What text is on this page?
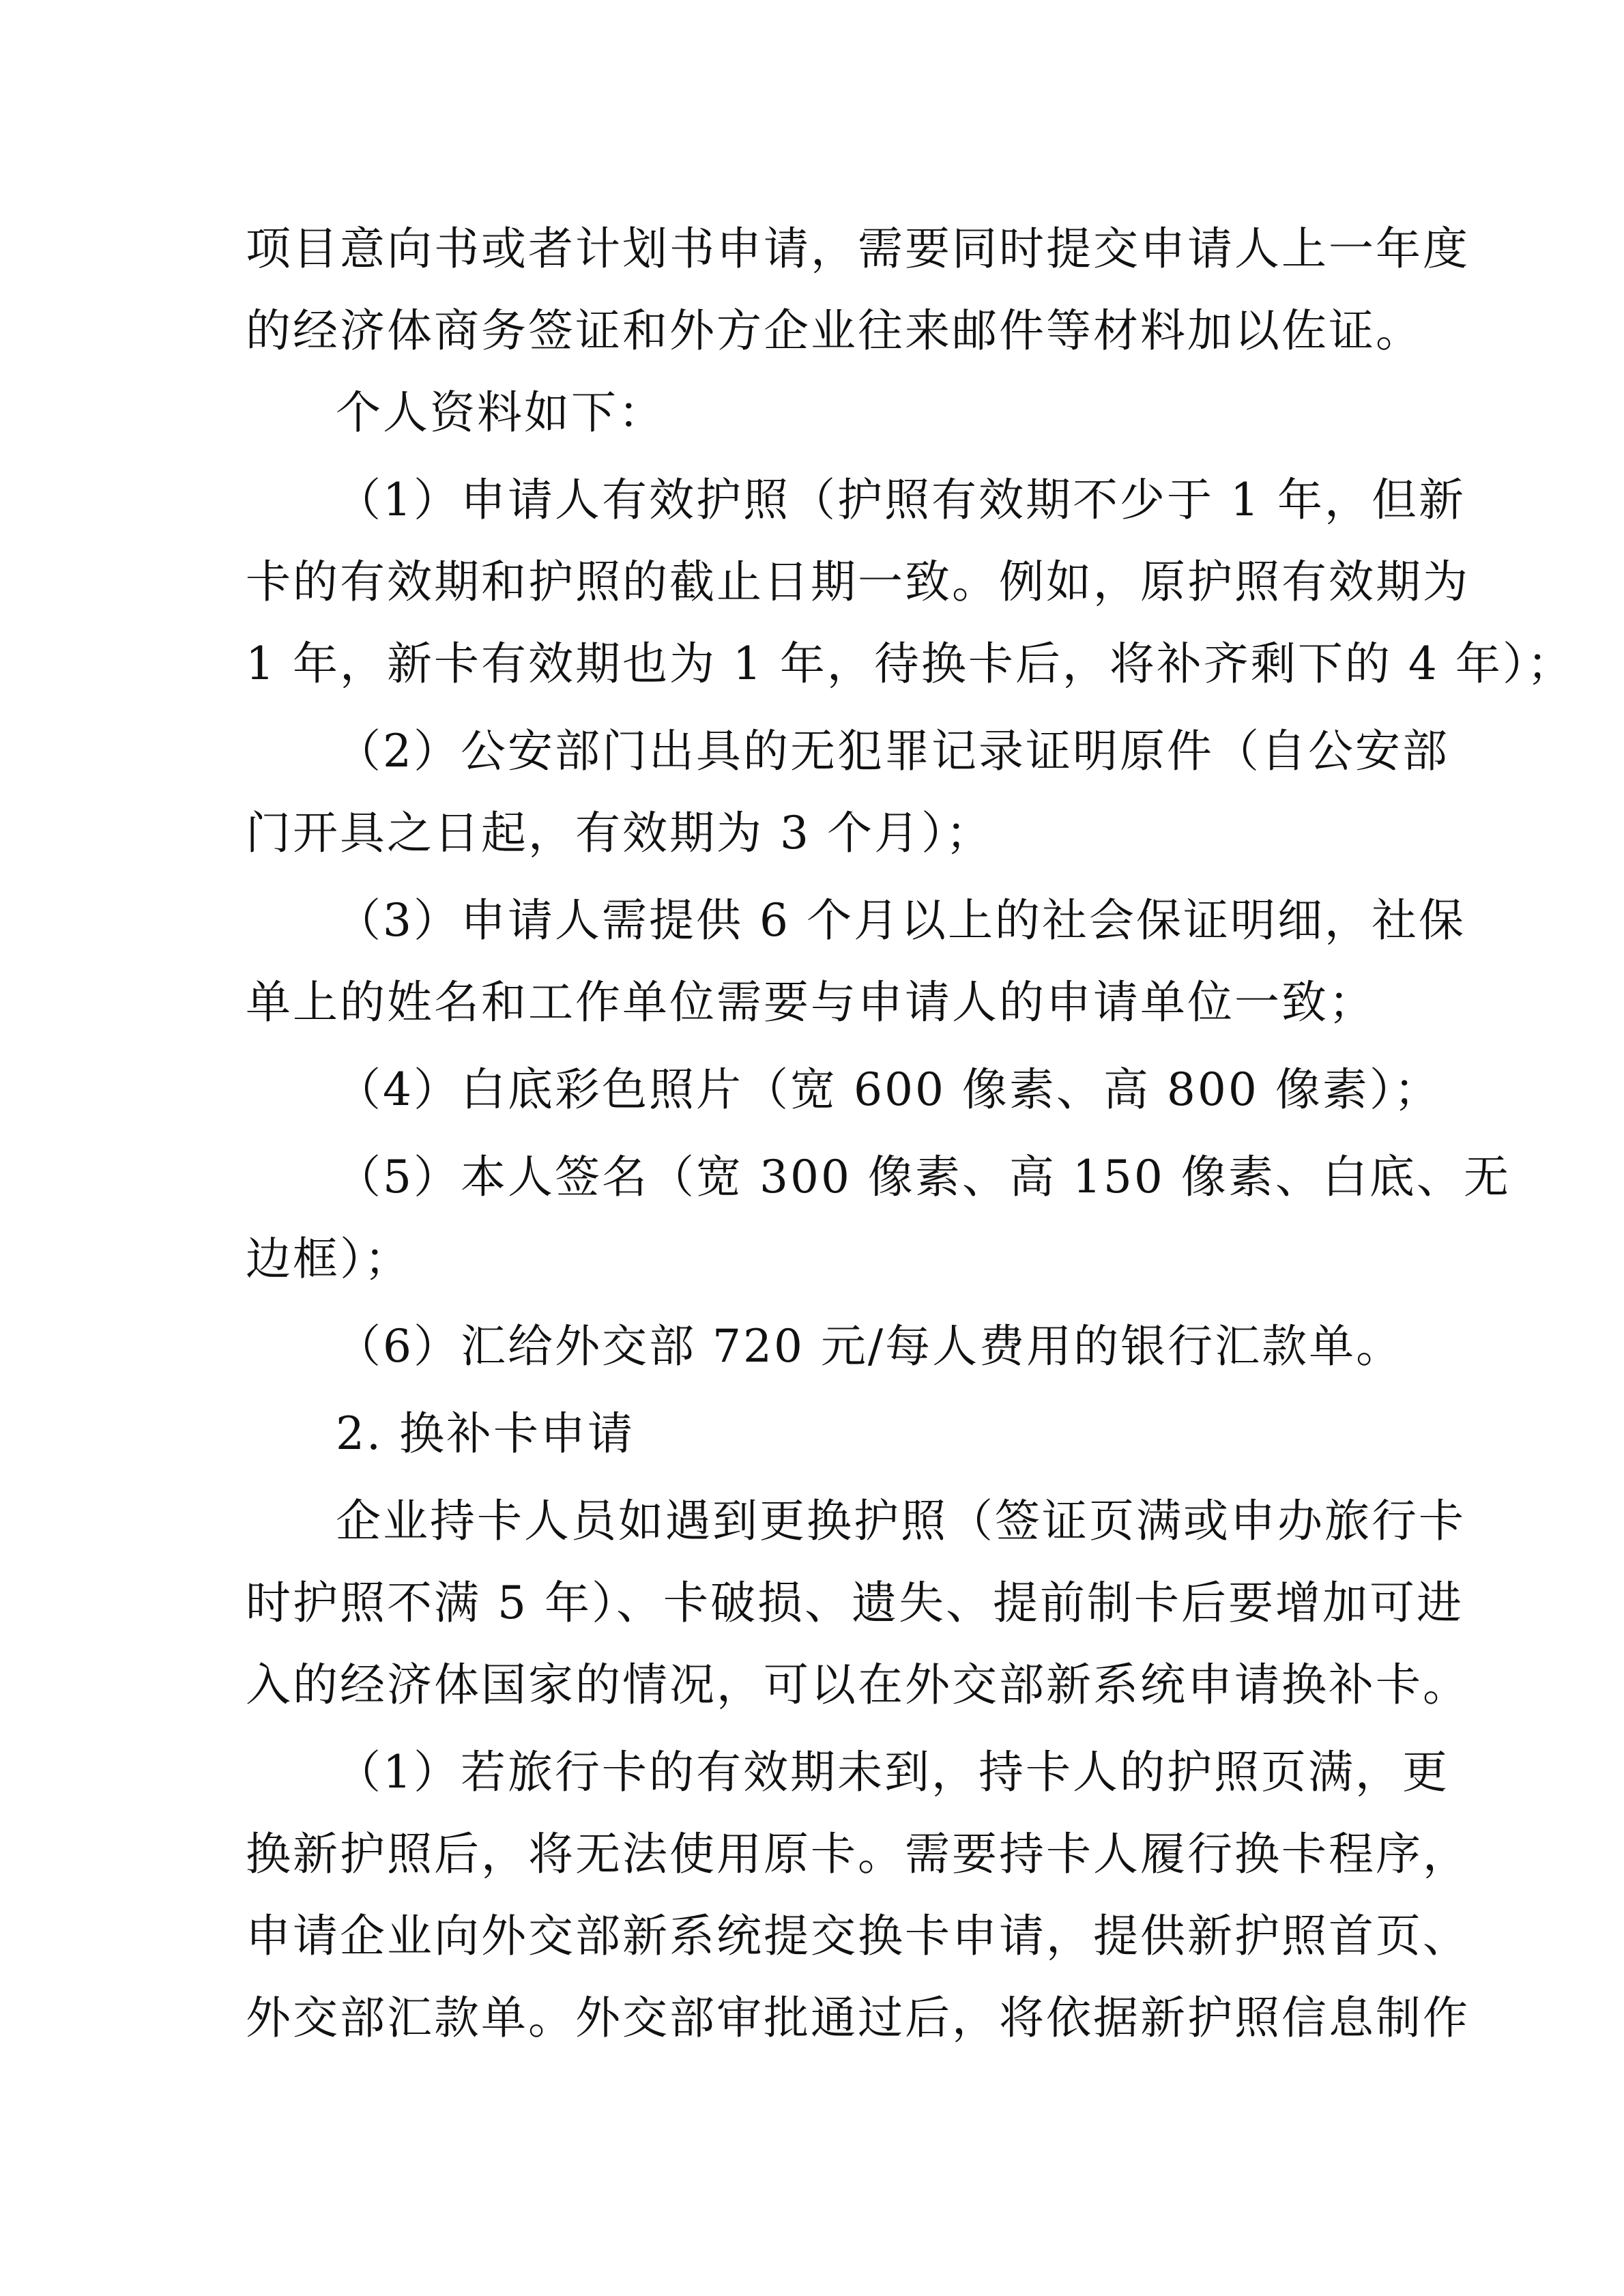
项目意向书或者计划书申请，需要同时提交申请人上一年度
的经济体商务签证和外方企业往来邮件等材料加以佐证。
个人资料如下：
（1）申请人有效护照（护照有效期不少于 1 年，但新
卡的有效期和护照的截止日期一致。例如，原护照有效期为
1 年，新卡有效期也为 1 年，待换卡后，将补齐剩下的 4 年）；
（2）公安部门出具的无犯罪记录证明原件（自公安部
门开具之日起，有效期为 3 个月）；
（3）申请人需提供 6 个月以上的社会保证明细，社保
单上的姓名和工作单位需要与申请人的申请单位一致；
（4）白底彩色照片（宽 600 像素、高 800 像素）；
（5）本人签名（宽 300 像素、高 150 像素、白底、无
边框）；
（6）汇给外交部 720 元/每人费用的银行汇款单。
2. 换补卡申请
企业持卡人员如遇到更换护照（签证页满或申办旅行卡
时护照不满 5 年）、卡破损、遗失、提前制卡后要增加可进
入的经济体国家的情况，可以在外交部新系统申请换补卡。
（1）若旅行卡的有效期未到，持卡人的护照页满，更
换新护照后，将无法使用原卡。需要持卡人履行换卡程序，
申请企业向外交部新系统提交换卡申请，提供新护照首页、
外交部汇款单。外交部审批通过后，将依据新护照信息制作
